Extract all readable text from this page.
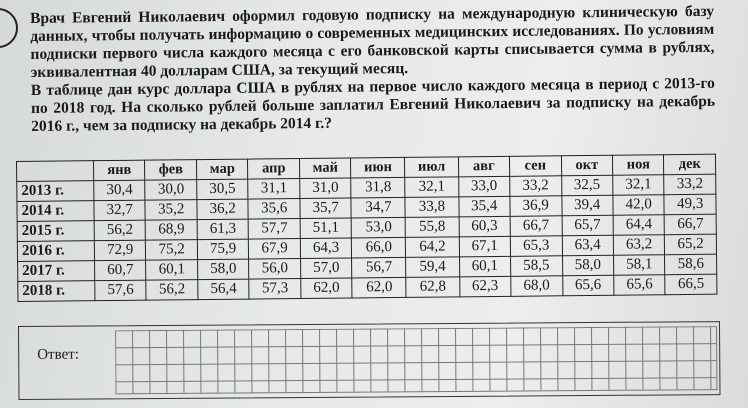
Врач Евгений Николаевич оформил годовую подписку на международную клиническую базу данных, чтобы получать информацию о современных медицинских исследованиях. По условиям подписки первого числа каждого месяца с его банковской карты списывается сумма в рублях, эквивалентная 40 долларам США, за текущий месяц.

В таблице дан курс доллара США в рублях на первое число каждого месяца в период с 2013-го по 2018 год. На сколько рублей больше заплатил Евгений Николаевич за подписку на декабрь 2016 г., чем за подписку на декабрь 2014 г.?

	янв	фев	мар	апр	май	июн	июл	авг	сен	окт	ноя	дек
2013 г.	30,4	30,0	30,5	31,1	31,0	31,8	32,1	33,0	33,2	32,5	32,1	33,2
2014 г.	32,7	35,2	36,2	35,6	35,7	34,7	33,8	35,4	36,9	39,4	42,0	49,3
2015 г.	56,2	68,9	61,3	57,7	51,1	53,0	55,8	60,3	66,7	65,7	64,4	66,7
2016 г.	72,9	75,2	75,9	67,9	64,3	66,0	64,2	67,1	65,3	63,4	63,2	65,2
2017 г.	60,7	60,1	58,0	56,0	57,0	56,7	59,4	60,1	58,5	58,0	58,1	58,6
2018 г.	57,6	56,2	56,4	57,3	62,0	62,0	62,8	62,3	68,0	65,6	65,6	66,5
Ответ:
